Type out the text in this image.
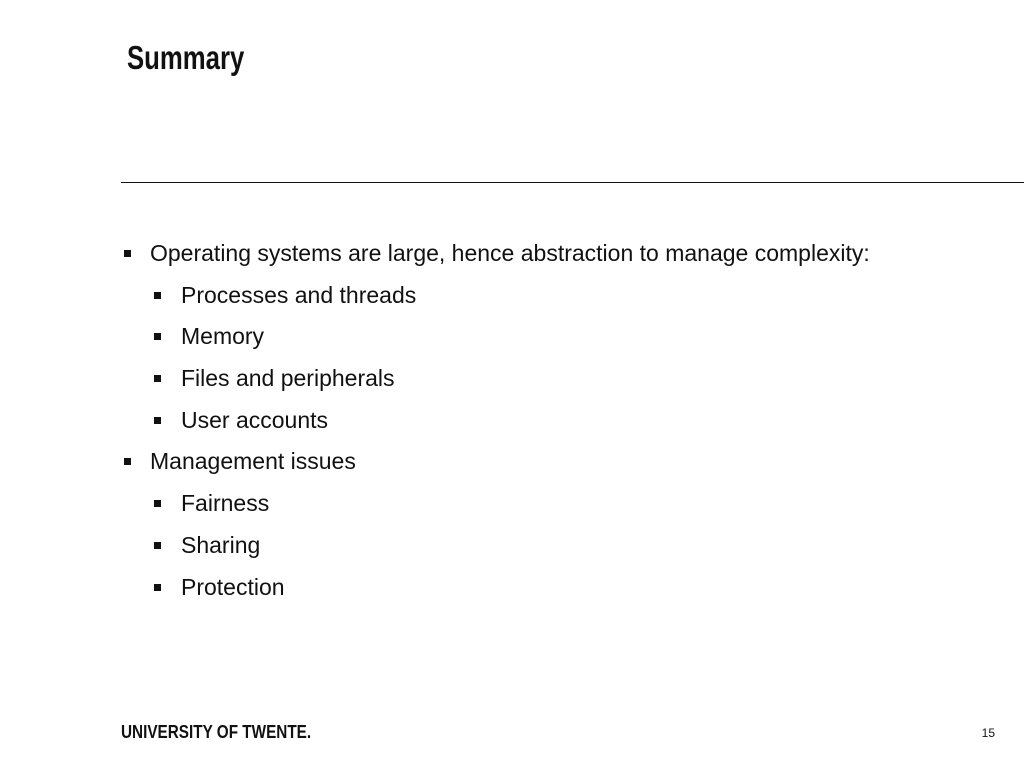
Summary
Operating systems are large, hence abstraction to manage complexity:
Processes and threads
Memory
Files and peripherals
User accounts
Management issues
Fairness
Sharing
Protection
UNIVERSITY OF TWENTE.	15
